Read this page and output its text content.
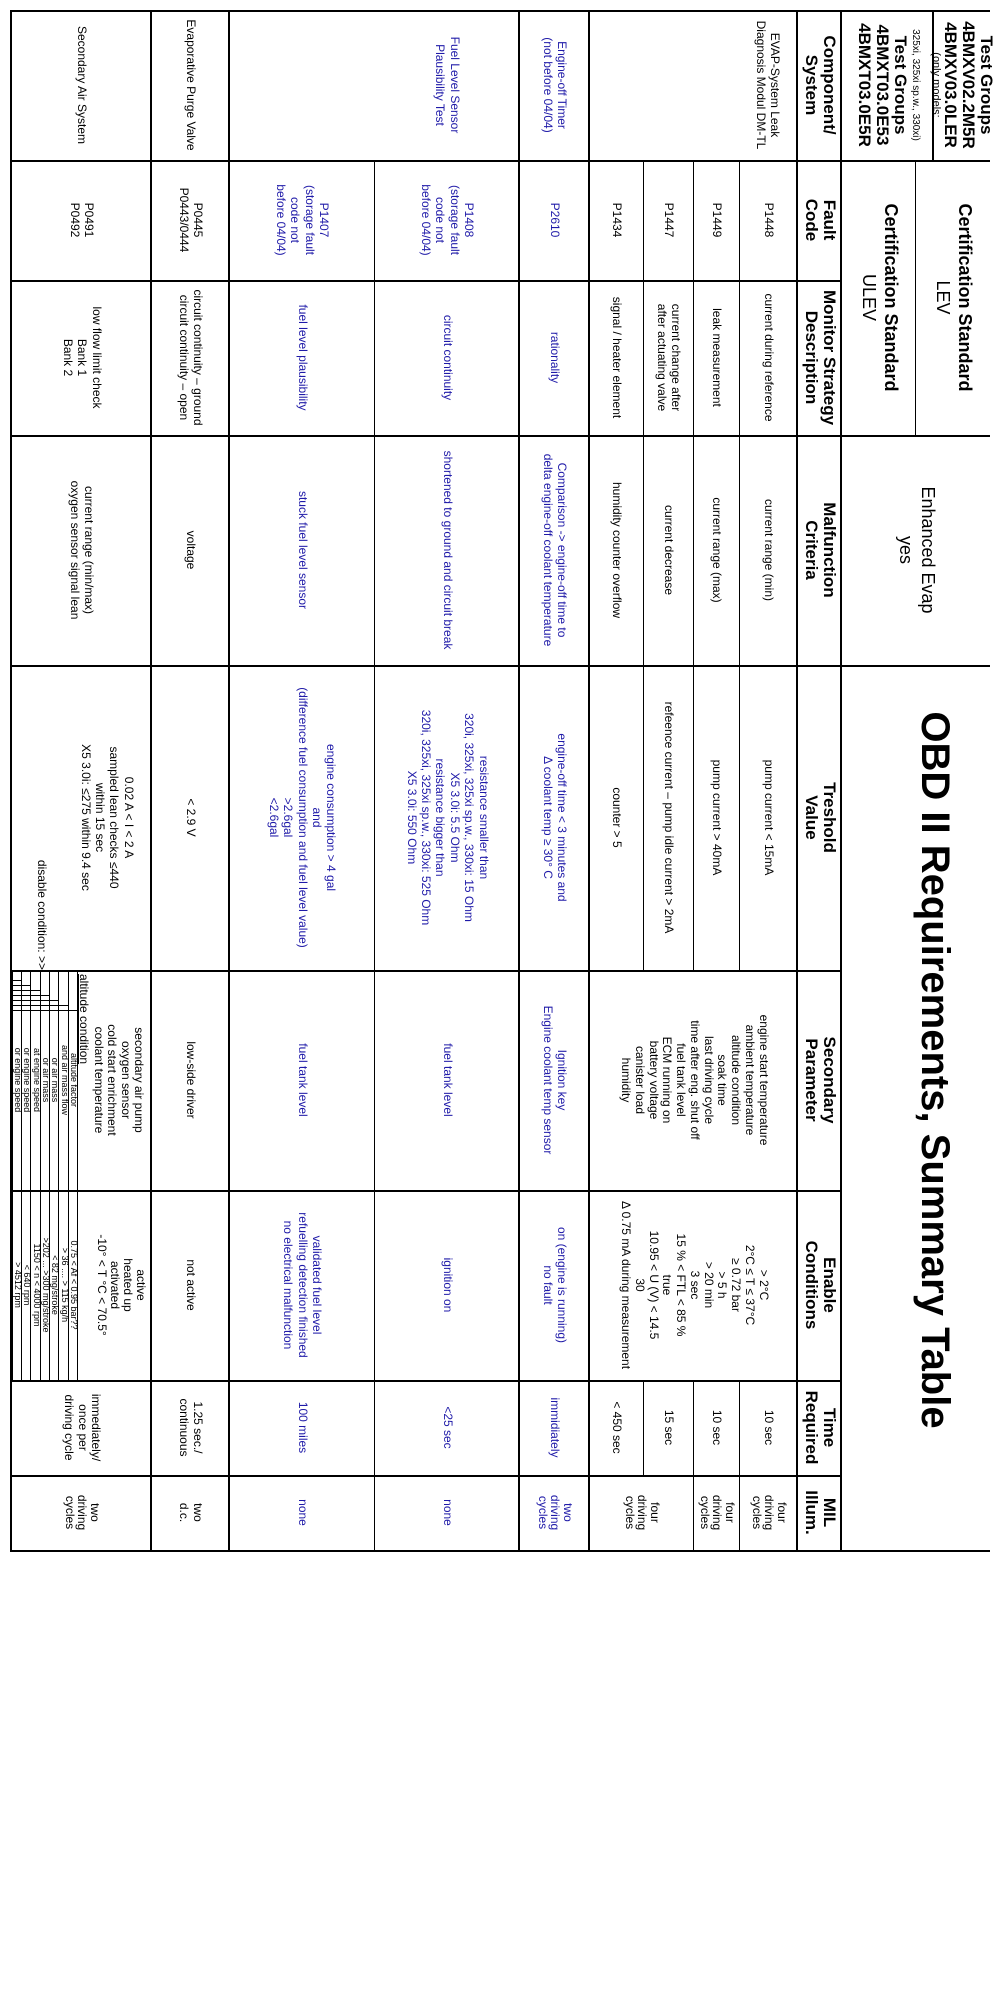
OBD II Requirements, Summary Table
Test Groups
4BMXV02.2M5R
4BMXV03.0LER
(only models:
325xi, 325xi sp.w., 330xi)
Test Groups
4BMXT03.0E53
4BMXT03.0E5R
Certification Standard
LEV
Certification Standard
ULEV
Enhanced Evap
yes
Component/
System
Fault
Code
Monitor Strategy
Description
Malfunction
Criteria
Treshold
Value
Secondary
Parameter
Enable
Conditions
Time
Required
MIL
Illum.
EVAP-System Leak
Diagnosis Modul DM-TL
P1448
current during reference
current range (min)
pump current < 15mA
P1449
leak measurement
current range (max)
pump current > 40mA
P1447
current change after
after actuating valve
current decrease
refeence current – pump idle current > 2mA
P1434
signal / heater element
humidity counter overflow
counter > 5
engine start temperature
ambient temperature
altitude condition
soak time
last driving cycle
time after eng. shut off
fuel tank level
ECM running on
battery voltage
canister load
humidity
> 2°C
2°C ≤ T ≤ 37°C
≥ 0.72 bar
> 5 h
> 20 min
3 sec
15 % < FTL < 85 %
true
10.95 < U (V) < 14.5
30
Δ 0.75 mA during measurement
10 sec
10 sec
15 sec
< 450 sec
four
driving
cycles
four
driving
cycles
four
driving
cycles
Engine-off Timer
(not before 04/04)
P2610
rationality
Comparison -> engine-off time to
delta engine-off coolant temperature
engine-off time < 3 minutes and
Δ coolant temp ≥ 30° C
Ignition key
Engine coolant temp sensor
on (engine is running)
no fault
immidiately
two
driving
cycles
Fuel Level Sensor
Plausibility Test
P1408
(storage fault
code not
before 04/04)
circuit continuity
shortened to ground and circuit break
resistance smaller than
320i, 325xi, 325xi sp.w., 330xi: 15 Ohm
X5 3.0i: 5.5 Ohm
resistance bigger than
320i, 325xi, 325xi sp.w., 330xi: 525 Ohm
X5 3.0i: 550 Ohm
fuel tank level
ignition on
<25 sec
none
P1407
(storage fault
code not
before 04/04)
fuel level plausibility
stuck fuel level sensor
engine consumption > 4 gal
and
(difference fuel consumption and fuel level value)
>2.6gal
<2.6gal
fuel tank level
validated fuel level
refuelling detection finished
no electrical malfunction
100 miles
none
Evaporative Purge Valve
P0445
P0443/0444
circuit continuity – ground
circuit continuity – open
voltage
< 2.9 V
low-side driver
not active
1.25 sec./
continuous
two
d.c.
Secondary Air System
P0491
P0492
low flow limit check
Bank 1
Bank 2
current range (min/max)
oxygen sensor signal lean
0.02 A < I < 2 A
sampled lean checks ≤440
within 15 sec
X5 3.0i: ≤275 within 9.4 sec
disable condition: >>
secondary air pump
oxygen sensor
cold start enrichment
coolant temperature
active
heated up
activated
-10° < T °C < 70.5°
altitude condition
immediately/
once per
driving cycle
two
driving
cycles
altitude factor
0.75 < Af < 0.95 bar??
and air mass flow
> 36 .... > 115 kg/h
or air mass
< 82 mg/stroke
or air mass
>202 ... >300 mg/stroke
at engine speed
1150 < n < 4000 rpm
or engine speed
< 640 rpm
or engine speed
> 4512 rpm
